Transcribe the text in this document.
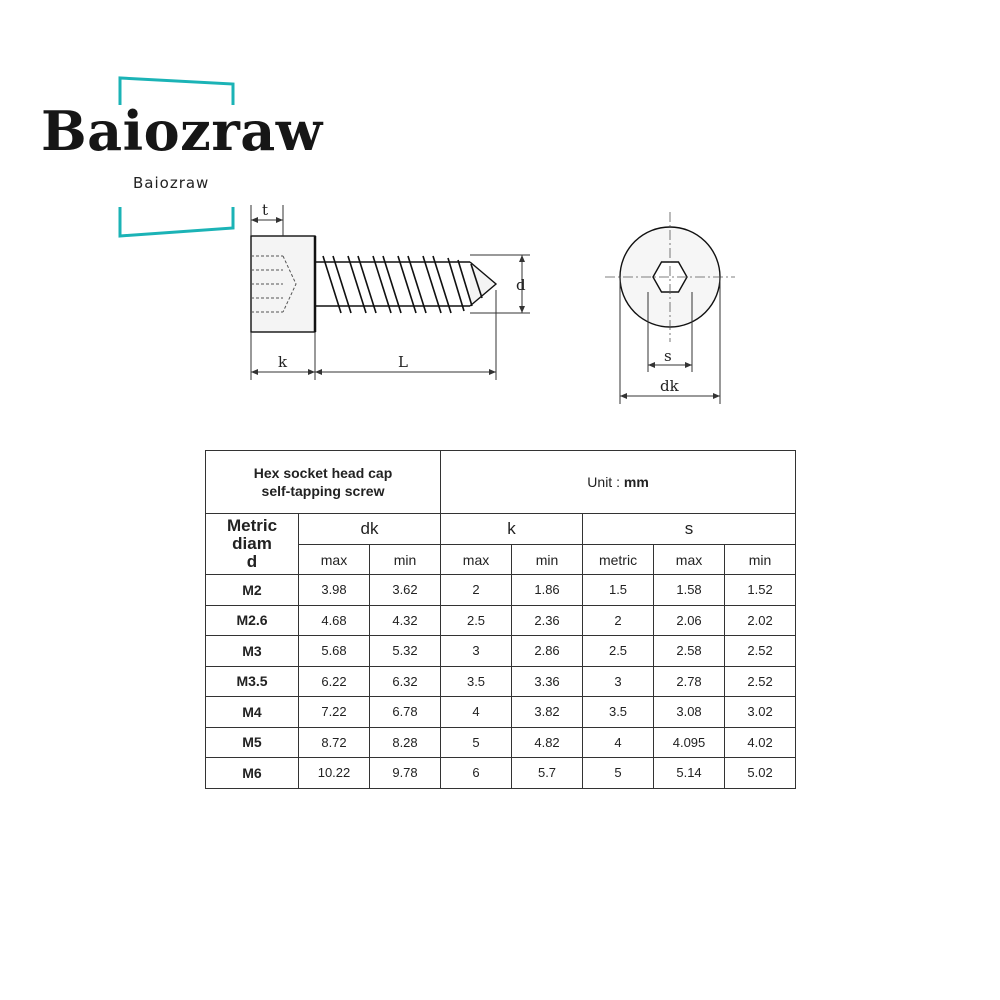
Baiozraw
Baiozraw
t
d
k	L	s
dk
Hex socket head cap
self-tapping screw			Unit : mm				

Metric diam
d	dk		k		s		
	max	min	max	min	metric	max	min
M2	3.98	3.62	2	1.86	1.5	1.58	1.52
M2.6	4.68	4.32	2.5	2.36	2	2.06	2.02
M3	5.68	5.32	3	2.86	2.5	2.58	2.52
M3.5	6.22	6.32	3.5	3.36	3	2.78	2.52
M4	7.22	6.78	4	3.82	3.5	3.08	3.02
M5	8.72	8.28	5	4.82	4	4.095	4.02
M6	10.22	9.78	6	5.7	5	5.14	5.02
